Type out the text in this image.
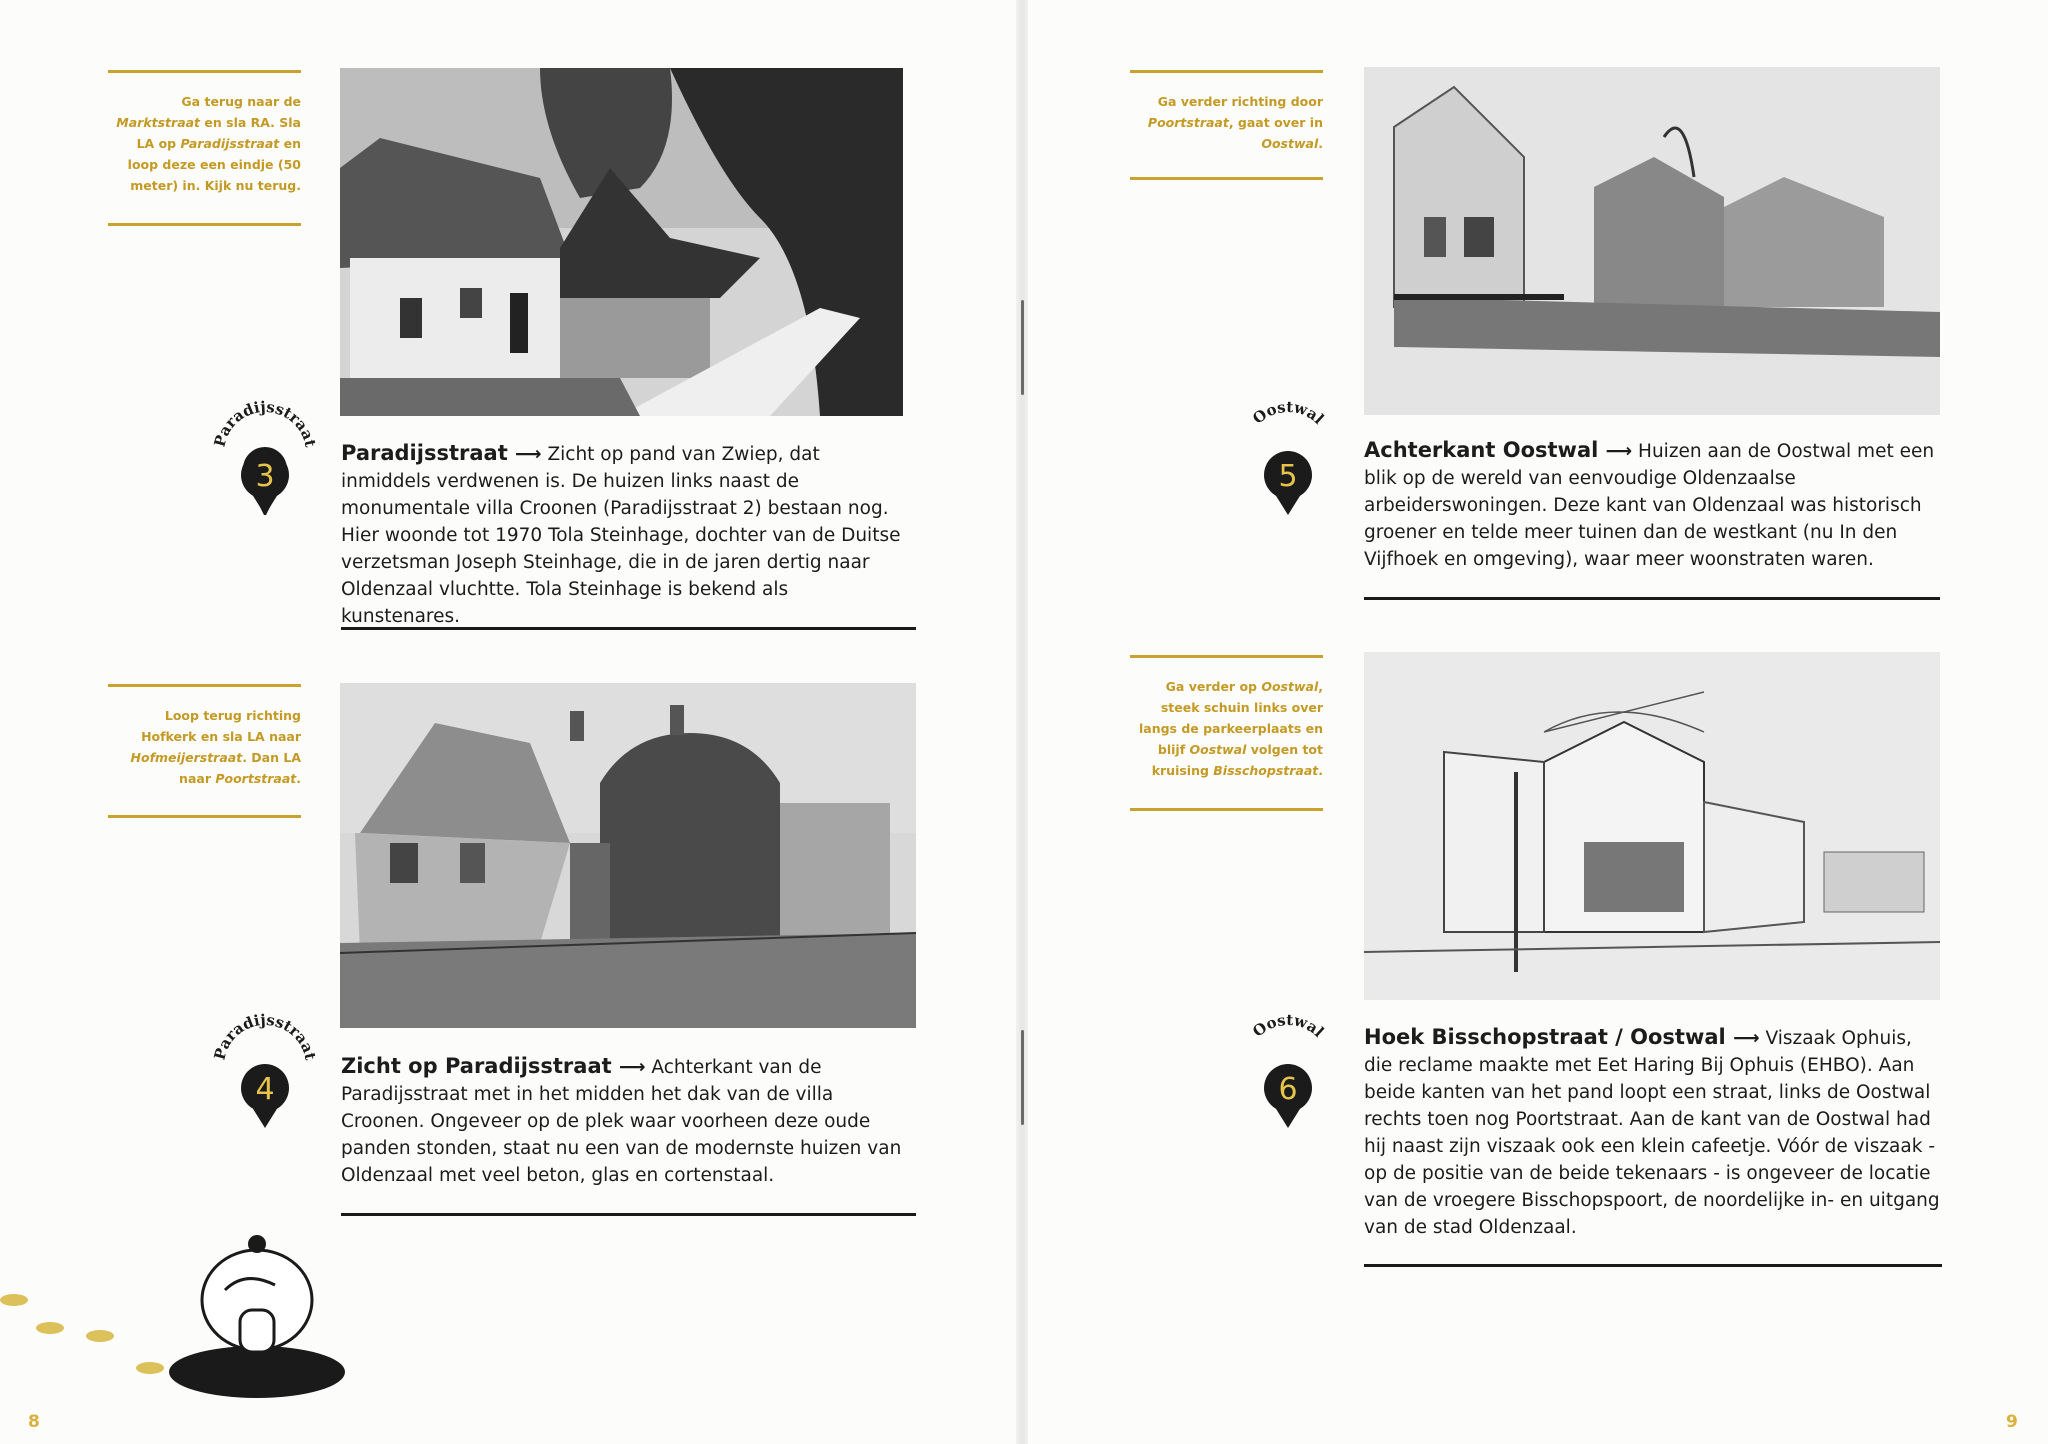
Ga terug naar de Marktstraat en sla RA. Sla LA op Paradijsstraat en loop deze een eindje (50 meter) in. Kijk nu terug.
Loop terug richting Hofkerk en sla LA naar Hofmeijerstraat. Dan LA naar Poortstraat.
Paradijsstraat
3
Paradijsstraat ⟶ Zicht op pand van Zwiep, dat inmiddels verdwenen is. De huizen links naast de monumentale villa Croonen (Paradijsstraat 2) bestaan nog. Hier woonde tot 1970 Tola Steinhage, dochter van de Duitse verzetsman Joseph Steinhage, die in de jaren dertig naar Oldenzaal vluchtte. Tola Steinhage is bekend als kunstenares.
Paradijsstraat
4
Zicht op Paradijsstraat ⟶ Achterkant van de Paradijsstraat met in het midden het dak van de villa Croonen. Ongeveer op de plek waar voorheen deze oude panden stonden, staat nu een van de modernste huizen van Oldenzaal met veel beton, glas en cortenstaal.
8
Ga verder richting door Poortstraat, gaat over in Oostwal.
Ga verder op Oostwal, steek schuin links over langs de parkeerplaats en blijf Oostwal volgen tot kruising Bisschopstraat.
Oostwal
5
Achterkant Oostwal ⟶ Huizen aan de Oostwal met een blik op de wereld van eenvoudige Oldenzaalse arbeiderswoningen. Deze kant van Oldenzaal was historisch groener en telde meer tuinen dan de westkant (nu In den Vijfhoek en omgeving), waar meer woonstraten waren.
Oostwal
6
Hoek Bisschopstraat / Oostwal ⟶ Viszaak Ophuis, die reclame maakte met Eet Haring Bij Ophuis (EHBO). Aan beide kanten van het pand loopt een straat, links de Oostwal rechts toen nog Poortstraat. Aan de kant van de Oostwal had hij naast zijn viszaak ook een klein cafeetje. Vóór de viszaak - op de positie van de beide tekenaars - is ongeveer de locatie van de vroegere Bisschopspoort, de noordelijke in- en uitgang van de stad Oldenzaal.
9
